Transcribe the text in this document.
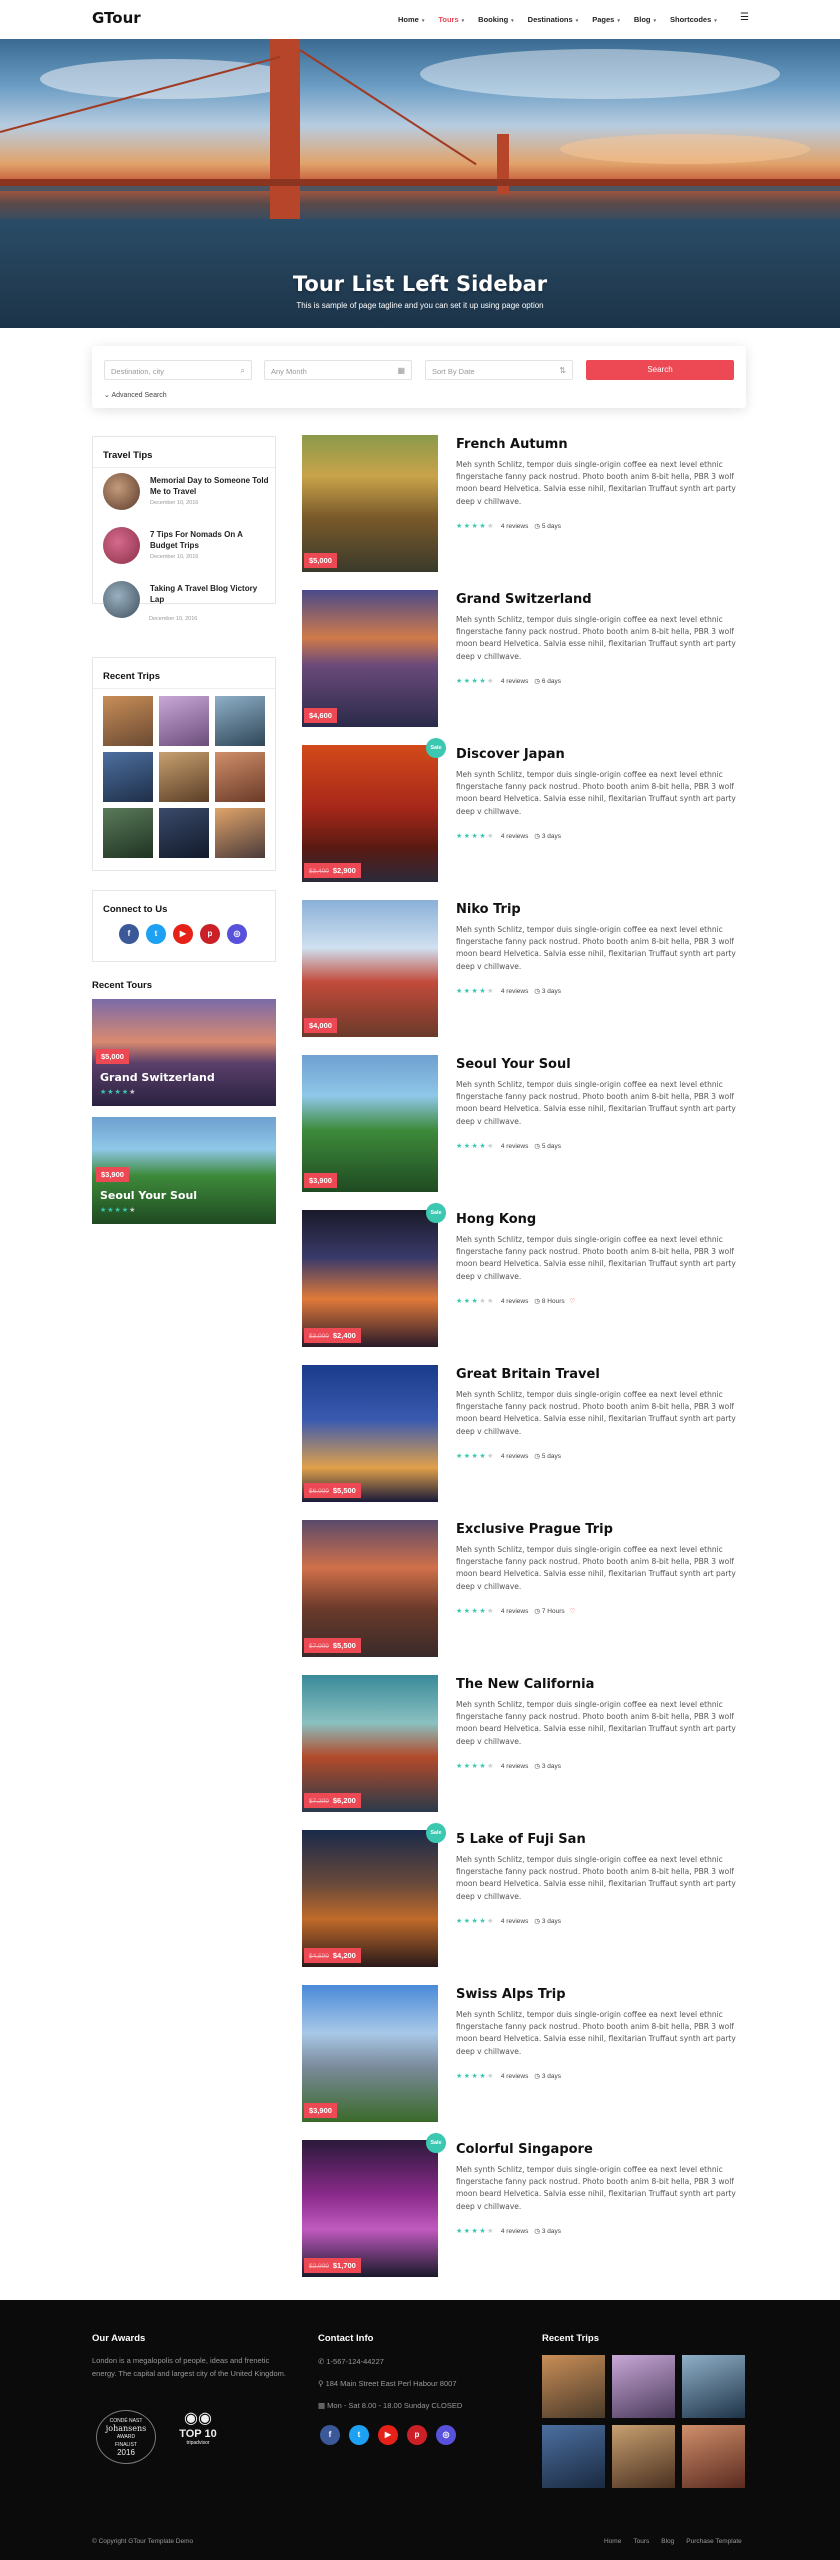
GTour	Home ▾ Tours ▾ Booking ▾ Destinations ▾ Pages ▾ Blog ▾ Shortcodes ▾ ☰
Tour List Left Sidebar
This is sample of page tagline and you can set it up using page option
Destination, city	⌕	Any Month	▦	Sort By Date	⇅	Search
⌄ Advanced Search
Travel Tips
Memorial Day to Someone Told Me to Travel
December 10, 2016
7 Tips For Nomads On A Budget Trips
December 10, 2016
Taking A Travel Blog Victory Lap
December 10, 2016
Recent Trips
Connect to Us
f	t	▶	p	◎
Recent Tours
$5,000
Grand Switzerland
★★★★★
$3,900
Seoul Your Soul
★★★★★
$5,000
French Autumn
Meh synth Schlitz, tempor duis single-origin coffee ea next level ethnic fingerstache fanny pack nostrud. Photo booth anim 8-bit hella, PBR 3 wolf moon beard Helvetica. Salvia esse nihil, flexitarian Truffaut synth art party deep v chillwave.
★★★★★ 4 reviews ◷ 5 days
$4,600
Grand Switzerland
Meh synth Schlitz, tempor duis single-origin coffee ea next level ethnic fingerstache fanny pack nostrud. Photo booth anim 8-bit hella, PBR 3 wolf moon beard Helvetica. Salvia esse nihil, flexitarian Truffaut synth art party deep v chillwave.
★★★★★ 4 reviews ◷ 6 days
Sale
$3,400 $2,900
Discover Japan
Meh synth Schlitz, tempor duis single-origin coffee ea next level ethnic fingerstache fanny pack nostrud. Photo booth anim 8-bit hella, PBR 3 wolf moon beard Helvetica. Salvia esse nihil, flexitarian Truffaut synth art party deep v chillwave.
★★★★★ 4 reviews ◷ 3 days
$4,000
Niko Trip
Meh synth Schlitz, tempor duis single-origin coffee ea next level ethnic fingerstache fanny pack nostrud. Photo booth anim 8-bit hella, PBR 3 wolf moon beard Helvetica. Salvia esse nihil, flexitarian Truffaut synth art party deep v chillwave.
★★★★★ 4 reviews ◷ 3 days
$3,900
Seoul Your Soul
Meh synth Schlitz, tempor duis single-origin coffee ea next level ethnic fingerstache fanny pack nostrud. Photo booth anim 8-bit hella, PBR 3 wolf moon beard Helvetica. Salvia esse nihil, flexitarian Truffaut synth art party deep v chillwave.
★★★★★ 4 reviews ◷ 5 days
Sale
$3,000 $2,400
Hong Kong
Meh synth Schlitz, tempor duis single-origin coffee ea next level ethnic fingerstache fanny pack nostrud. Photo booth anim 8-bit hella, PBR 3 wolf moon beard Helvetica. Salvia esse nihil, flexitarian Truffaut synth art party deep v chillwave.
★★★★★ 4 reviews ◷ 8 Hours ♡
$6,000 $5,500
Great Britain Travel
Meh synth Schlitz, tempor duis single-origin coffee ea next level ethnic fingerstache fanny pack nostrud. Photo booth anim 8-bit hella, PBR 3 wolf moon beard Helvetica. Salvia esse nihil, flexitarian Truffaut synth art party deep v chillwave.
★★★★★ 4 reviews ◷ 5 days
$7,000 $5,500
Exclusive Prague Trip
Meh synth Schlitz, tempor duis single-origin coffee ea next level ethnic fingerstache fanny pack nostrud. Photo booth anim 8-bit hella, PBR 3 wolf moon beard Helvetica. Salvia esse nihil, flexitarian Truffaut synth art party deep v chillwave.
★★★★★ 4 reviews ◷ 7 Hours ♡
$7,200 $6,200
The New California
Meh synth Schlitz, tempor duis single-origin coffee ea next level ethnic fingerstache fanny pack nostrud. Photo booth anim 8-bit hella, PBR 3 wolf moon beard Helvetica. Salvia esse nihil, flexitarian Truffaut synth art party deep v chillwave.
★★★★★ 4 reviews ◷ 3 days
Sale
$4,500 $4,200
5 Lake of Fuji San
Meh synth Schlitz, tempor duis single-origin coffee ea next level ethnic fingerstache fanny pack nostrud. Photo booth anim 8-bit hella, PBR 3 wolf moon beard Helvetica. Salvia esse nihil, flexitarian Truffaut synth art party deep v chillwave.
★★★★★ 4 reviews ◷ 3 days
$3,900
Swiss Alps Trip
Meh synth Schlitz, tempor duis single-origin coffee ea next level ethnic fingerstache fanny pack nostrud. Photo booth anim 8-bit hella, PBR 3 wolf moon beard Helvetica. Salvia esse nihil, flexitarian Truffaut synth art party deep v chillwave.
★★★★★ 4 reviews ◷ 3 days
Sale
$2,000 $1,700
Colorful Singapore
Meh synth Schlitz, tempor duis single-origin coffee ea next level ethnic fingerstache fanny pack nostrud. Photo booth anim 8-bit hella, PBR 3 wolf moon beard Helvetica. Salvia esse nihil, flexitarian Truffaut synth art party deep v chillwave.
★★★★★ 4 reviews ◷ 3 days
Our Awards
London is a megalopolis of people, ideas and frenetic energy. The capital and largest city of the United Kingdom.
CONDÉ NAST
johansens
AWARD
FINALIST
2016
◉◉
TOP 10
tripadvisor
Contact Info
✆ 1-567-124-44227
⚲ 184 Main Street East Perl Habour 8007
▦ Mon - Sat 8.00 - 18.00 Sunday CLOSED
f	t	▶	p	◎
Recent Trips
© Copyright GTour Template Demo	Home Tours Blog Purchase Template
